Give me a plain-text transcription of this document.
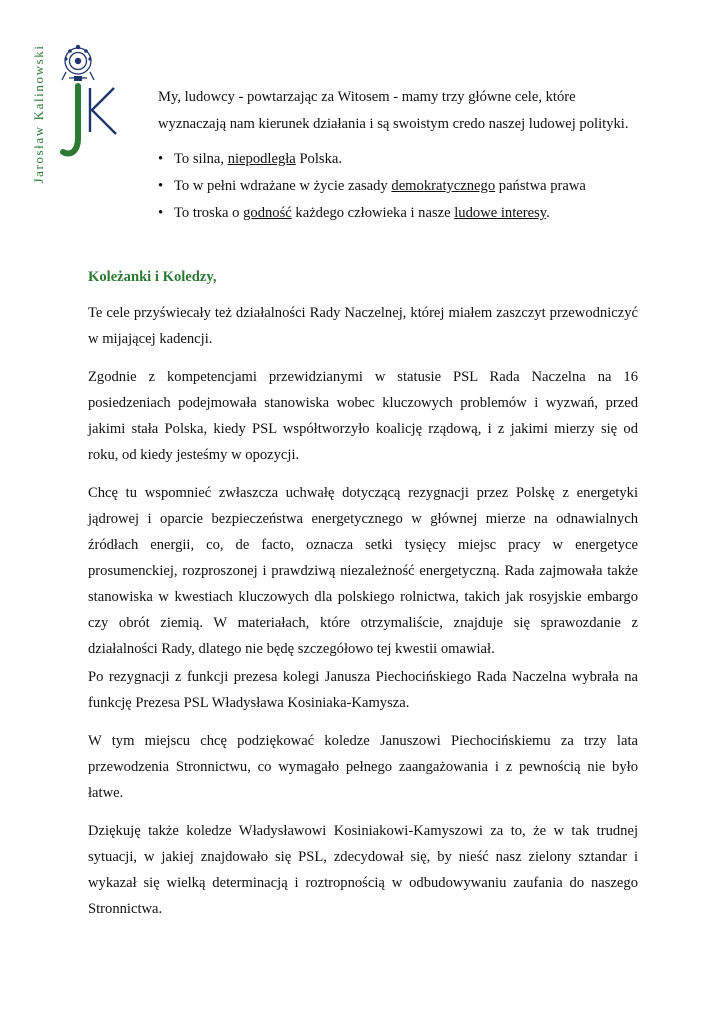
Jarosław Kalinowski	My, ludowcy - powtarzając za Witosem - mamy trzy główne cele, które wyznaczają nam kierunek działania i są swoistym credo naszej ludowej polityki.

• To silna, niepodległa Polska.
• To w pełni wdrażane w życie zasady demokratycznego państwa prawa
• To troska o godność każdego człowieka i nasze ludowe interesy.
Koleżanki i Koledzy,

Te cele przyświecały też działalności Rady Naczelnej, której miałem zaszczyt przewodniczyć w mijającej kadencji.

Zgodnie z kompetencjami przewidzianymi w statusie PSL Rada Naczelna na 16 posiedzeniach podejmowała stanowiska wobec kluczowych problemów i wyzwań, przed jakimi stała Polska, kiedy PSL współtworzyło koalicję rządową, i z jakimi mierzy się od roku, od kiedy jesteśmy w opozycji.

Chcę tu wspomnieć zwłaszcza uchwałę dotyczącą rezygnacji przez Polskę z energetyki jądrowej i oparcie bezpieczeństwa energetycznego w głównej mierze na odnawialnych źródłach energii, co, de facto, oznacza setki tysięcy miejsc pracy w energetyce prosumenckiej, rozproszonej i prawdziwą niezależność energetyczną. Rada zajmowała także stanowiska w kwestiach kluczowych dla polskiego rolnictwa, takich jak rosyjskie embargo czy obrót ziemią. W materiałach, które otrzymaliście, znajduje się sprawozdanie z działalności Rady, dlatego nie będę szczegółowo tej kwestii omawiał.

Po rezygnacji z funkcji prezesa kolegi Janusza Piechocińskiego Rada Naczelna wybrała na funkcję Prezesa PSL Władysława Kosiniaka-Kamysza.

W tym miejscu chcę podziękować koledze Januszowi Piechocińskiemu za trzy lata przewodzenia Stronnictwu, co wymagało pełnego zaangażowania i z pewnością nie było łatwe.

Dziękuję także koledze Władysławowi Kosiniakowi-Kamyszowi za to, że w tak trudnej sytuacji, w jakiej znajdowało się PSL, zdecydował się, by nieść nasz zielony sztandar i wykazał się wielką determinacją i roztropnością w odbudowywaniu zaufania do naszego Stronnictwa.
